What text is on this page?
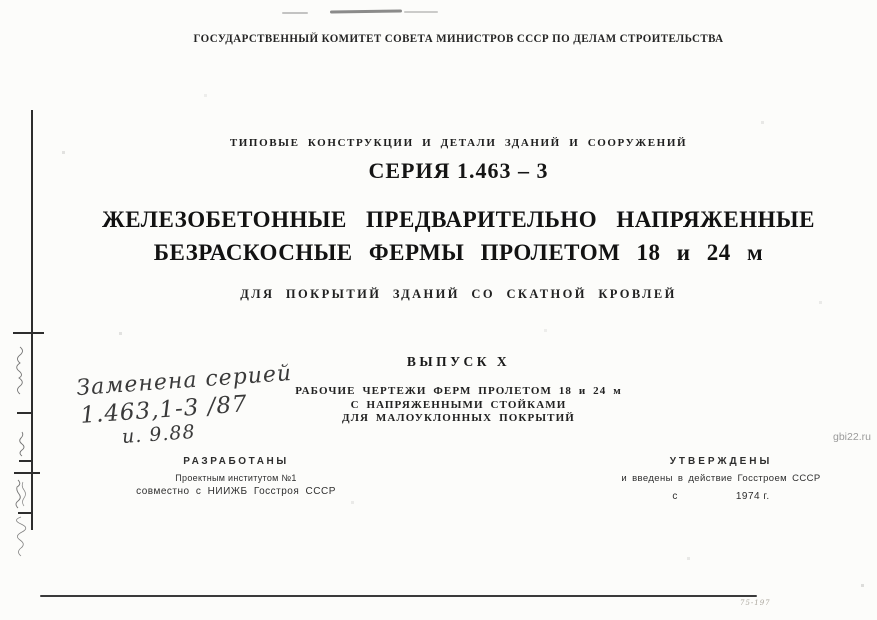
ГОСУДАРСТВЕННЫЙ КОМИТЕТ СОВЕТА МИНИСТРОВ СССР ПО ДЕЛАМ СТРОИТЕЛЬСТВА
ТИПОВЫЕ КОНСТРУКЦИИ И ДЕТАЛИ ЗДАНИЙ И СООРУЖЕНИЙ
СЕРИЯ 1.463 – 3
ЖЕЛЕЗОБЕТОННЫЕ ПРЕДВАРИТЕЛЬНО НАПРЯЖЕННЫЕ
БЕЗРАСКОСНЫЕ ФЕРМЫ ПРОЛЕТОМ 18 и 24 м
ДЛЯ ПОКРЫТИЙ ЗДАНИЙ СО СКАТНОЙ КРОВЛЕЙ
ВЫПУСК X
РАБОЧИЕ ЧЕРТЕЖИ ФЕРМ ПРОЛЕТОМ 18 и 24 м
С НАПРЯЖЕННЫМИ СТОЙКАМИ
ДЛЯ МАЛОУКЛОННЫХ ПОКРЫТИЙ
Заменена серией
1.463,1-3 /87
и. 9.88
РАЗРАБОТАНЫ
Проектным институтом №1
совместно с НИИЖБ Госстроя СССР
УТВЕРЖДЕНЫ
и введены в действие Госстроем СССР
с	1974 г.
gbi22.ru
75-197
